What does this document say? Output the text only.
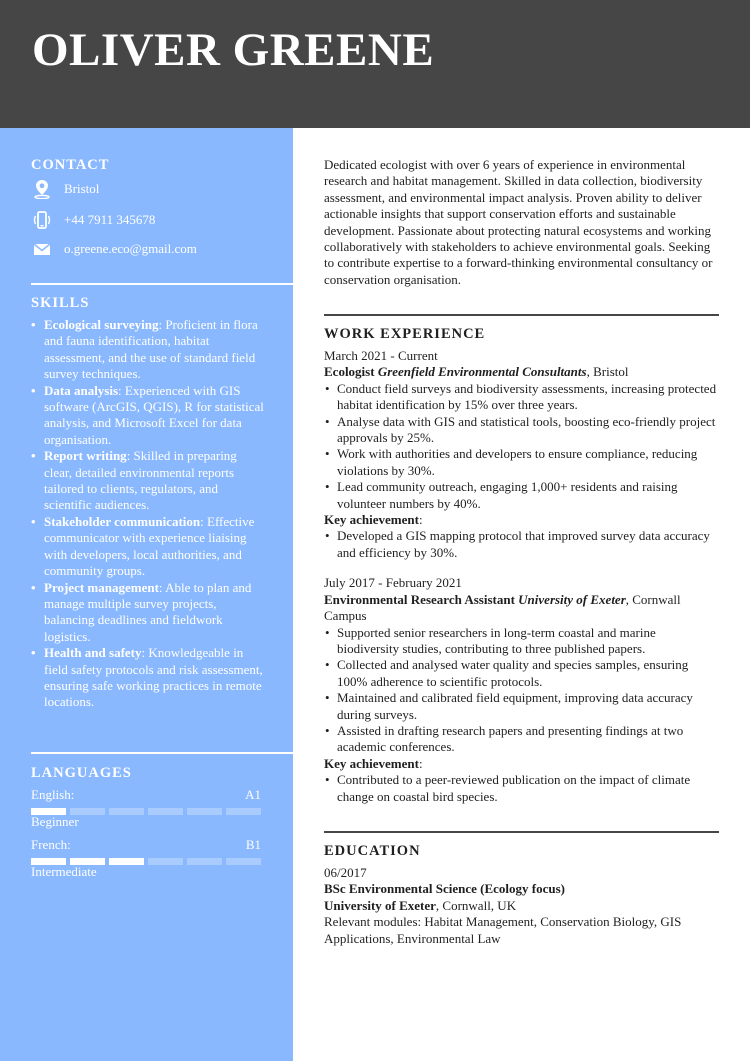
OLIVER GREENE
CONTACT
Bristol
+44 7911 345678
o.greene.eco@gmail.com
SKILLS
• Ecological surveying: Proficient in flora and fauna identification, habitat assessment, and the use of standard field survey techniques.
• Data analysis: Experienced with GIS software (ArcGIS, QGIS), R for statistical analysis, and Microsoft Excel for data organisation.
• Report writing: Skilled in preparing clear, detailed environmental reports tailored to clients, regulators, and scientific audiences.
• Stakeholder communication: Effective communicator with experience liaising with developers, local authorities, and community groups.
• Project management: Able to plan and manage multiple survey projects, balancing deadlines and fieldwork logistics.
• Health and safety: Knowledgeable in field safety protocols and risk assessment, ensuring safe working practices in remote locations.
LANGUAGES
English:	A1
Beginner
French:	B1
Intermediate

Dedicated ecologist with over 6 years of experience in environmental research and habitat management. Skilled in data collection, biodiversity assessment, and environmental impact analysis. Proven ability to deliver actionable insights that support conservation efforts and sustainable development. Passionate about protecting natural ecosystems and working collaboratively with stakeholders to achieve environmental goals. Seeking to contribute expertise to a forward-thinking environmental consultancy or conservation organisation.

WORK EXPERIENCE
March 2021 - Current
Ecologist Greenfield Environmental Consultants, Bristol
• Conduct field surveys and biodiversity assessments, increasing protected habitat identification by 15% over three years.
• Analyse data with GIS and statistical tools, boosting eco-friendly project approvals by 25%.
• Work with authorities and developers to ensure compliance, reducing violations by 30%.
• Lead community outreach, engaging 1,000+ residents and raising volunteer numbers by 40%.
Key achievement:
• Developed a GIS mapping protocol that improved survey data accuracy and efficiency by 30%.
July 2017 - February 2021
Environmental Research Assistant University of Exeter, Cornwall Campus
• Supported senior researchers in long-term coastal and marine biodiversity studies, contributing to three published papers.
• Collected and analysed water quality and species samples, ensuring 100% adherence to scientific protocols.
• Maintained and calibrated field equipment, improving data accuracy during surveys.
• Assisted in drafting research papers and presenting findings at two academic conferences.
Key achievement:
• Contributed to a peer-reviewed publication on the impact of climate change on coastal bird species.
EDUCATION
06/2017
BSc Environmental Science (Ecology focus)
University of Exeter, Cornwall, UK
Relevant modules: Habitat Management, Conservation Biology, GIS Applications, Environmental Law
